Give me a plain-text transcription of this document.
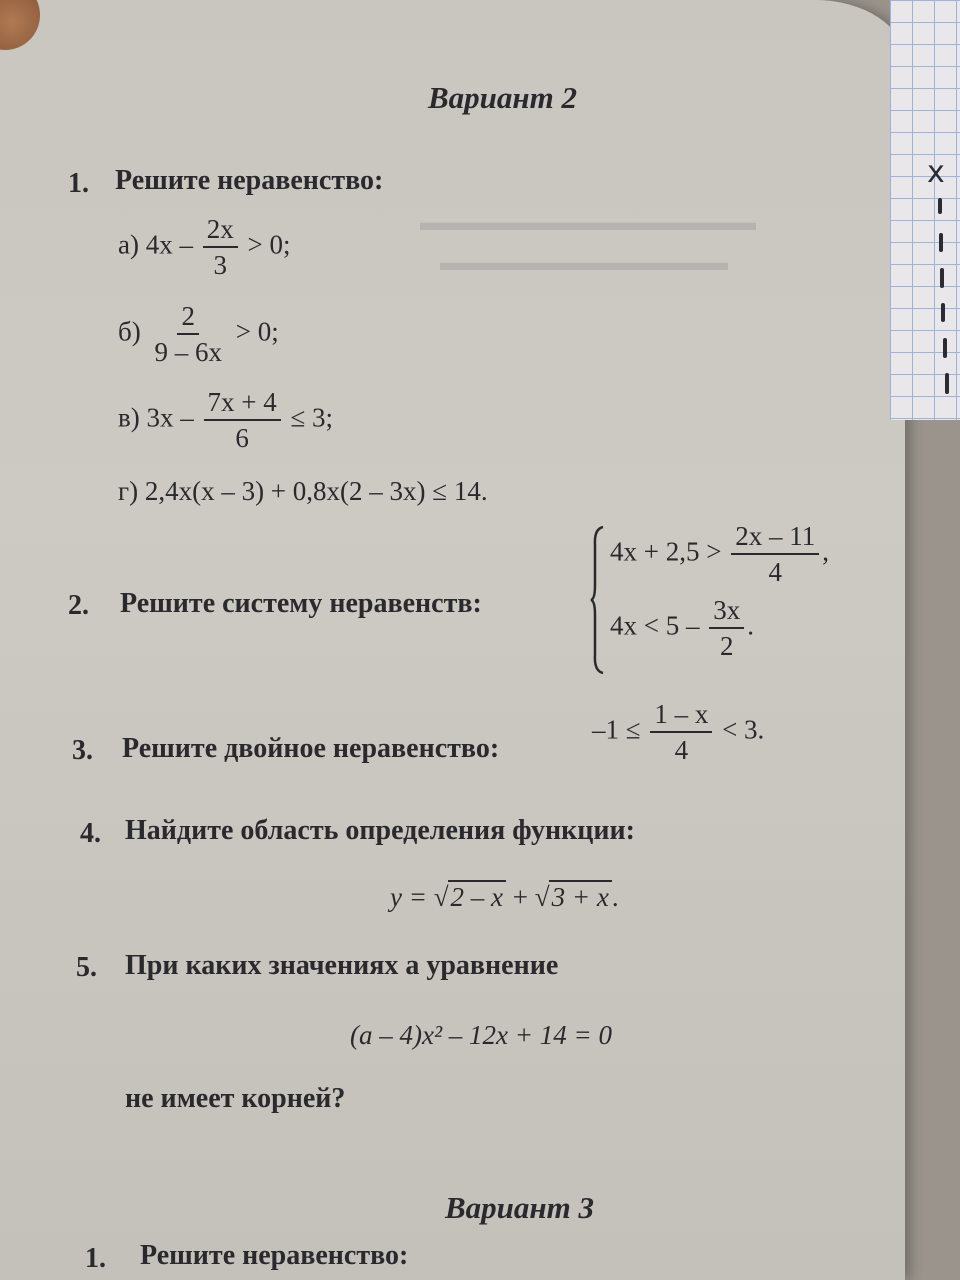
▬▬▬▬▬▬▬▬▬▬▬▬▬▬
▬▬▬▬▬▬▬▬▬▬▬▬
Вариант 2
1. Решите неравенство:
а) $4x - \frac{2x}{3} > 0$;
$б) \frac{2}{9 - 6x} > 0$;
в) $3x - \frac{7x + 4}{6} \le 3$;
г) 2,4x(x – 3) + 0,8x(2 – 3x) ≤ 14.
2. Решите систему неравенств:
$4x + 2,5 > \frac{2x - 11}{4}$ ,
$4x < 5 - \frac{3x}{2}$ .
3. Решите двойное неравенство:
$-1 \le \frac{1 - x}{4} < 3$.
4. Найдите область определения функции:
y = √ 2 – x + √ 3 + x .
5. При каких значениях a уравнение
(a – 4)x² – 12x + 14 = 0
не имеет корней?
Вариант 3
1. Решите неравенство:
x
